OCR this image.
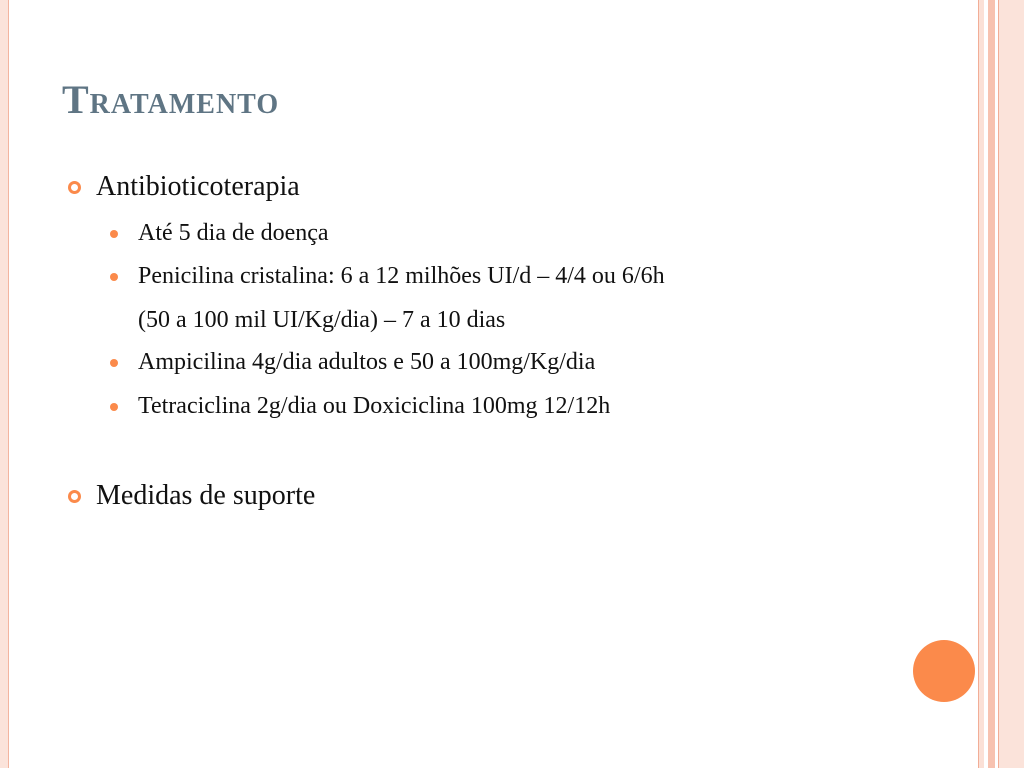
Tratamento
Antibioticoterapia
Até 5 dia de doença
Penicilina cristalina: 6 a 12 milhões UI/d – 4/4 ou 6/6h
(50 a 100 mil UI/Kg/dia) – 7 a 10 dias
Ampicilina 4g/dia adultos e 50 a 100mg/Kg/dia
Tetraciclina 2g/dia ou Doxiciclina 100mg 12/12h
Medidas de suporte
